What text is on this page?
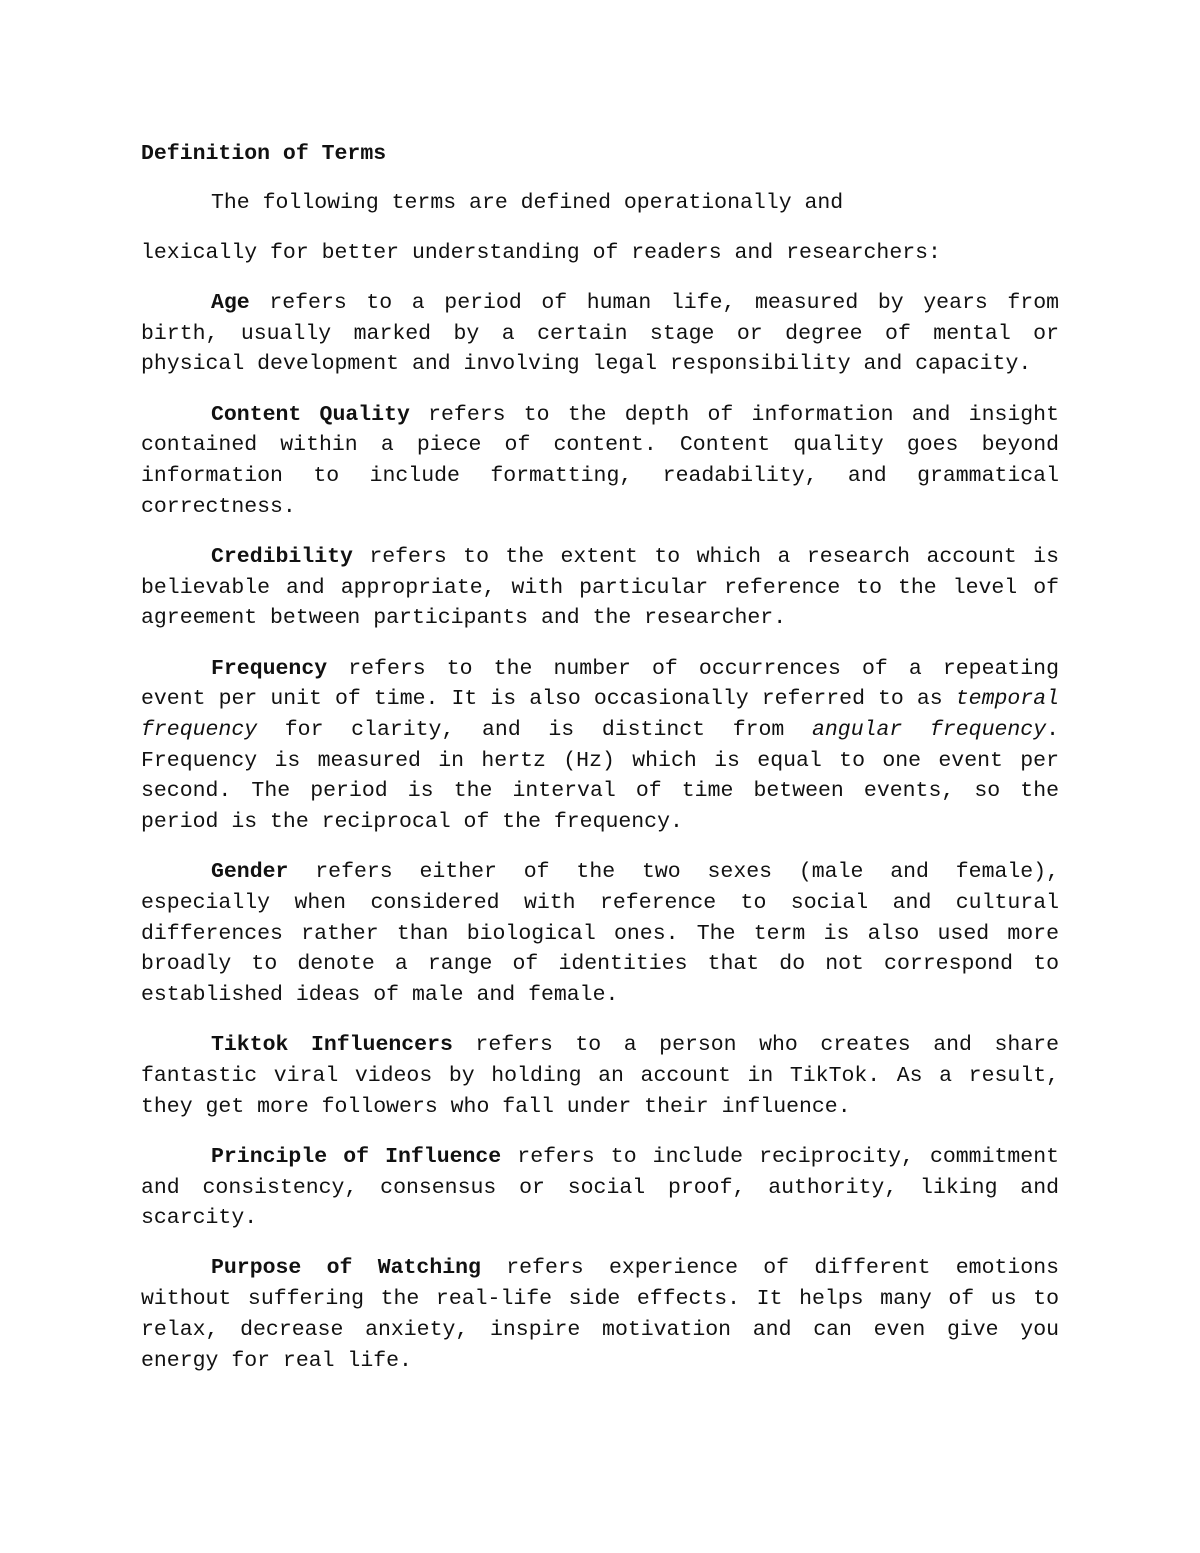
Definition of Terms

The following terms are defined operationally and

lexically for better understanding of readers and researchers:

Age refers to a period of human life, measured by years from birth, usually marked by a certain stage or degree of mental or physical development and involving legal responsibility and capacity.

Content Quality refers to the depth of information and insight contained within a piece of content. Content quality goes beyond information to include formatting, readability, and grammatical correctness.

Credibility refers to the extent to which a research account is believable and appropriate, with particular reference to the level of agreement between participants and the researcher.

Frequency refers to the number of occurrences of a repeating event per unit of time. It is also occasionally referred to as temporal frequency for clarity, and is distinct from angular frequency. Frequency is measured in hertz (Hz) which is equal to one event per second. The period is the interval of time between events, so the period is the reciprocal of the frequency.

Gender refers either of the two sexes (male and female), especially when considered with reference to social and cultural differences rather than biological ones. The term is also used more broadly to denote a range of identities that do not correspond to established ideas of male and female.

Tiktok Influencers refers to a person who creates and share fantastic viral videos by holding an account in TikTok. As a result, they get more followers who fall under their influence.

Principle of Influence refers to include reciprocity, commitment and consistency, consensus or social proof, authority, liking and scarcity.

Purpose of Watching refers experience of different emotions without suffering the real-life side effects. It helps many of us to relax, decrease anxiety, inspire motivation and can even give you energy for real life.
